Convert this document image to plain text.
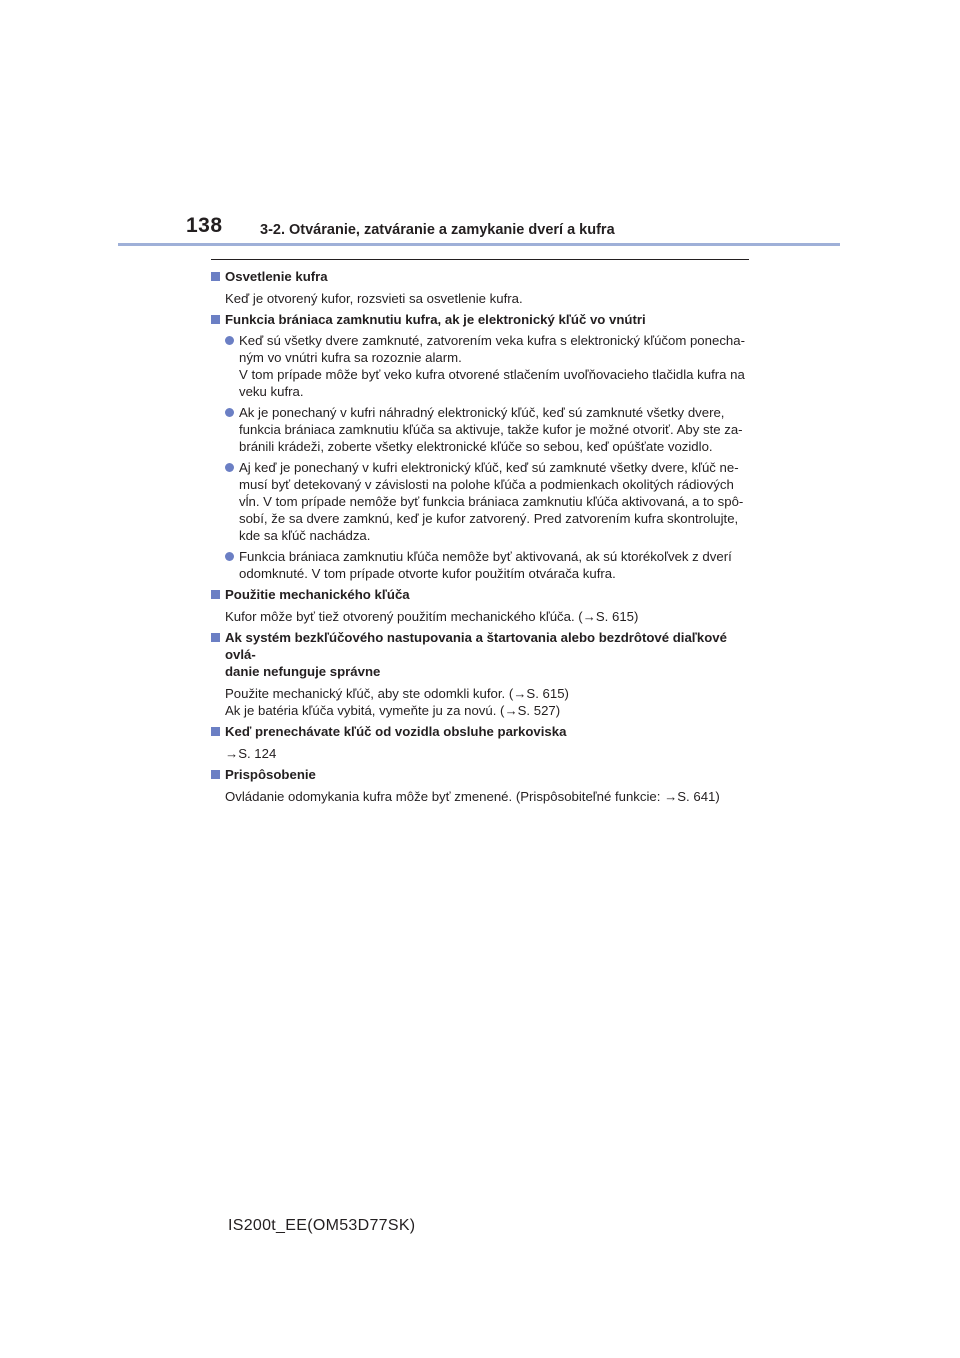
138	3-2. Otváranie, zatváranie a zamykanie dverí a kufra
Osvetlenie kufra
Keď je otvorený kufor, rozsvieti sa osvetlenie kufra.
Funkcia brániaca zamknutiu kufra, ak je elektronický kľúč vo vnútri
Keď sú všetky dvere zamknuté, zatvorením veka kufra s elektronický kľúčom ponecha-
ným vo vnútri kufra sa rozoznie alarm.
V tom prípade môže byť veko kufra otvorené stlačením uvoľňovacieho tlačidla kufra na
veku kufra.
Ak je ponechaný v kufri náhradný elektronický kľúč, keď sú zamknuté všetky dvere,
funkcia brániaca zamknutiu kľúča sa aktivuje, takže kufor je možné otvoriť. Aby ste za-
bránili krádeži, zoberte všetky elektronické kľúče so sebou, keď opúšťate vozidlo.
Aj keď je ponechaný v kufri elektronický kľúč, keď sú zamknuté všetky dvere, kľúč ne-
musí byť detekovaný v závislosti na polohe kľúča a podmienkach okolitých rádiových
vĺn. V tom prípade nemôže byť funkcia brániaca zamknutiu kľúča aktivovaná, a to spô-
sobí, že sa dvere zamknú, keď je kufor zatvorený. Pred zatvorením kufra skontrolujte,
kde sa kľúč nachádza.
Funkcia brániaca zamknutiu kľúča nemôže byť aktivovaná, ak sú ktorékoľvek z dverí
odomknuté. V tom prípade otvorte kufor použitím otvárača kufra.
Použitie mechanického kľúča
Kufor môže byť tiež otvorený použitím mechanického kľúča. (→S. 615)
Ak systém bezkľúčového nastupovania a štartovania alebo bezdrôtové diaľkové ovlá-
danie nefunguje správne
Použite mechanický kľúč, aby ste odomkli kufor. (→S. 615)
Ak je batéria kľúča vybitá, vymeňte ju za novú. (→S. 527)
Keď prenechávate kľúč od vozidla obsluhe parkoviska
→S. 124
Prispôsobenie
Ovládanie odomykania kufra môže byť zmenené. (Prispôsobiteľné funkcie: →S. 641)
IS200t_EE(OM53D77SK)
